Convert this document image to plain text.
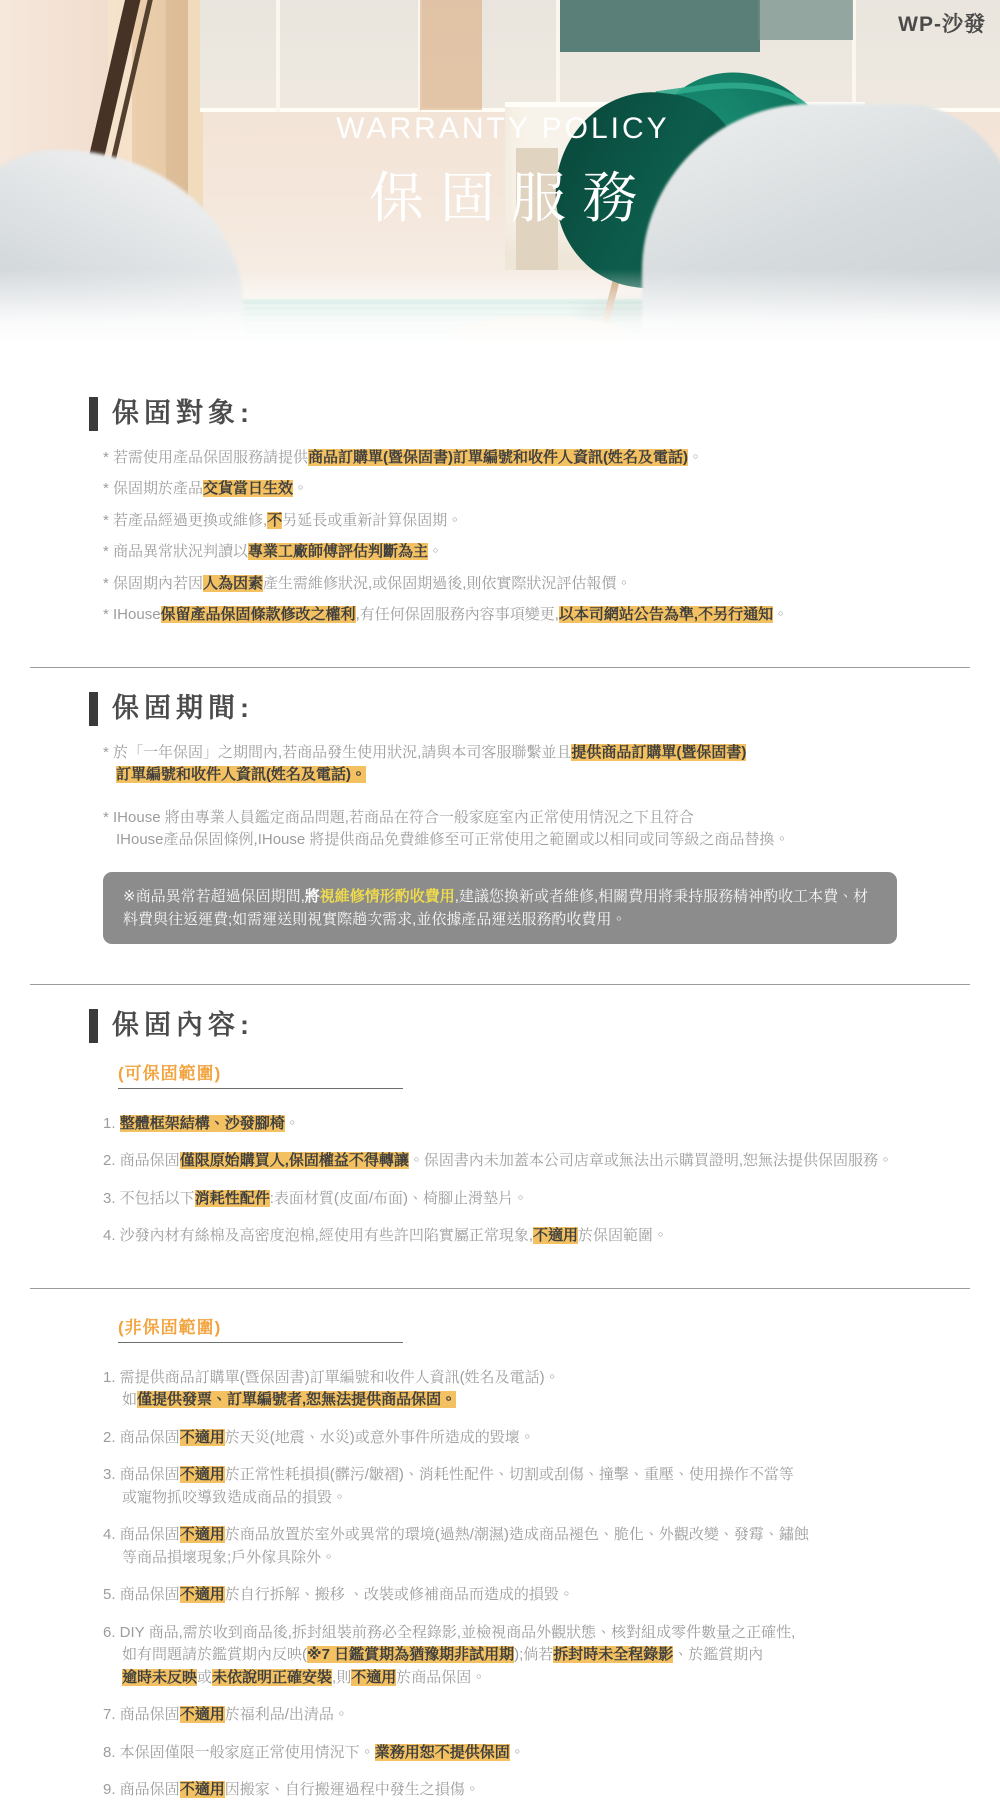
WARRANTY POLICY
保固服務
WP-沙發
保固對象:

* 若需使用產品保固服務請提供商品訂購單(暨保固書)訂單編號和收件人資訊(姓名及電話)。

* 保固期於產品交貨當日生效。

* 若產品經過更換或維修,不另延長或重新計算保固期。

* 商品異常狀況判讀以專業工廠師傅評估判斷為主。

* 保固期內若因人為因素產生需維修狀況,或保固期過後,則依實際狀況評估報價。

* IHouse保留產品保固條款修改之權利,有任何保固服務內容事項變更,以本司網站公告為準,不另行通知。

保固期間:

* 於「一年保固」之期間內,若商品發生使用狀況,請與本司客服聯繫並且提供商品訂購單(暨保固書)
訂單編號和收件人資訊(姓名及電話)。

* IHouse 將由專業人員鑑定商品問題,若商品在符合一般家庭室內正常使用情況之下且符合
IHouse產品保固條例,IHouse 將提供商品免費維修至可正常使用之範圍或以相同或同等級之商品替換。

※商品異常若超過保固期間,將視維修情形酌收費用,建議您換新或者維修,相關費用將秉持服務精神酌收工本費、材料費與往返運費;如需運送則視實際趟次需求,並依據產品運送服務酌收費用。
保固內容:
(可保固範圍)

1. 整體框架結構、沙發腳椅。

2. 商品保固僅限原始購買人,保固權益不得轉讓。保固書內未加蓋本公司店章或無法出示購買證明,恕無法提供保固服務。

3. 不包括以下消耗性配件:表面材質(皮面/布面)、椅腳止滑墊片。

4. 沙發內材有絲棉及高密度泡棉,經使用有些許凹陷實屬正常現象,不適用於保固範圍。

(非保固範圍)

1. 需提供商品訂購單(暨保固書)訂單編號和收件人資訊(姓名及電話)。
如僅提供發票、訂單編號者,恕無法提供商品保固。

2. 商品保固不適用於天災(地震、水災)或意外事件所造成的毀壞。

3. 商品保固不適用於正常性耗損損(髒污/皺褶)、消耗性配件、切割或刮傷、撞擊、重壓、使用操作不當等
或寵物抓咬導致造成商品的損毀。

4. 商品保固不適用於商品放置於室外或異常的環境(過熱/潮濕)造成商品褪色、脆化、外觀改變、發霉、鏽蝕
等商品損壞現象;戶外傢具除外。

5. 商品保固不適用於自行拆解、搬移 、改裝或修補商品而造成的損毀。

6. DIY 商品,需於收到商品後,拆封組裝前務必全程錄影,並檢視商品外觀狀態、核對組成零件數量之正確性,
如有問題請於鑑賞期內反映(※7 日鑑賞期為猶豫期非試用期);倘若拆封時未全程錄影、於鑑賞期內
逾時未反映或未依說明正確安裝,則不適用於商品保固。

7. 商品保固不適用於福利品/出清品。

8. 本保固僅限一般家庭正常使用情況下。業務用恕不提供保固。

9. 商品保固不適用因搬家、自行搬運過程中發生之損傷。
